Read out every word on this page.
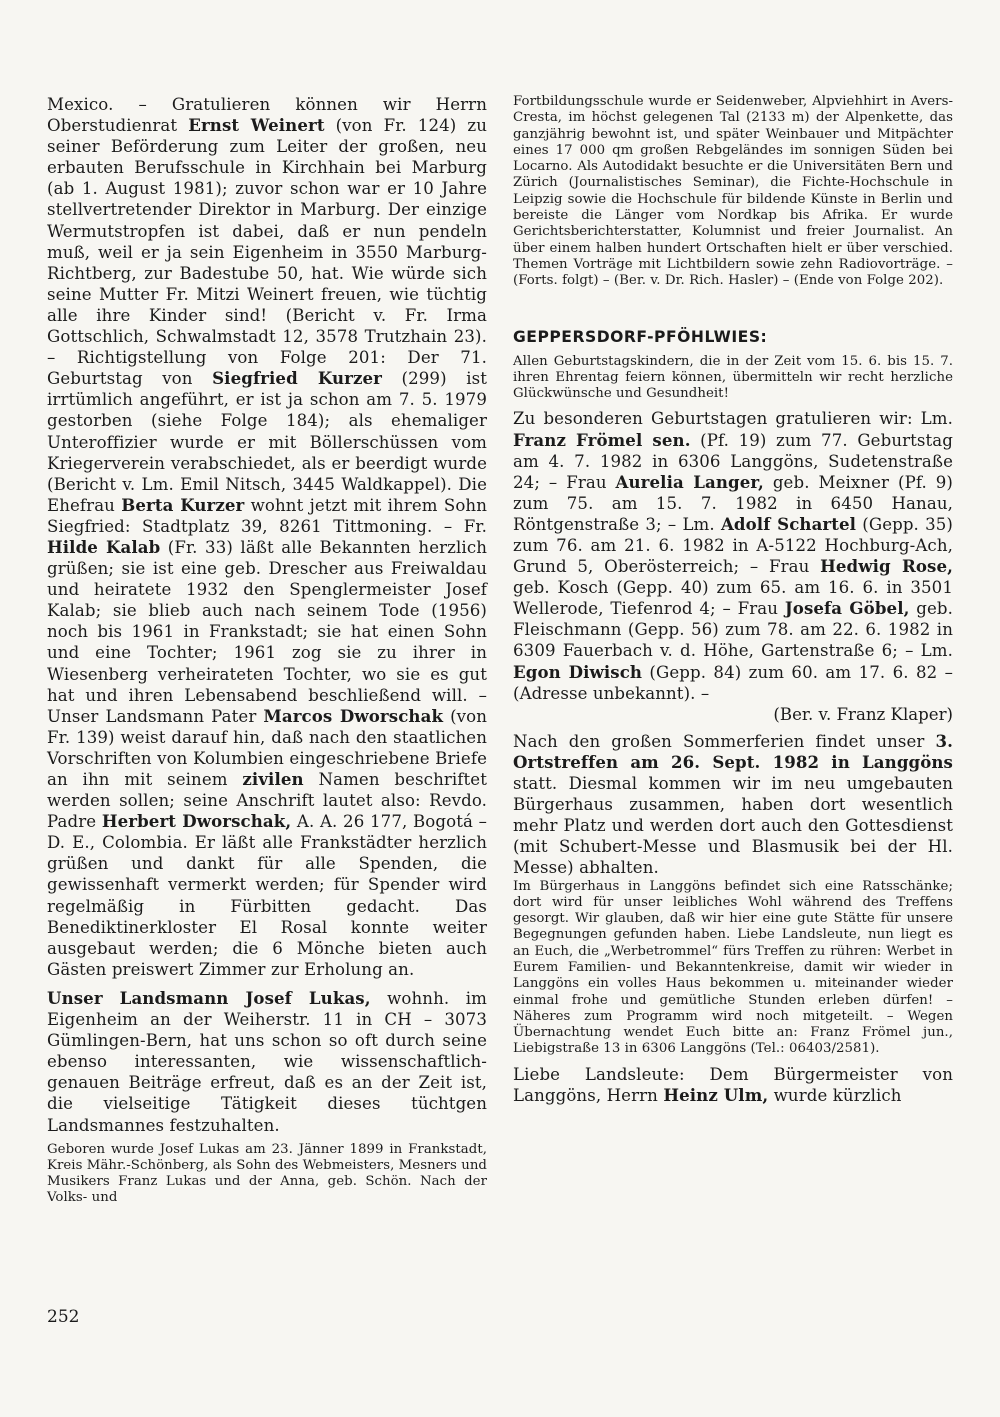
Mexico. – Gratulieren können wir Herrn Oberstudienrat Ernst Weinert (von Fr. 124) zu seiner Beförderung zum Leiter der großen, neu erbauten Berufsschule in Kirchhain bei Marburg (ab 1. August 1981); zuvor schon war er 10 Jahre stellvertretender Direktor in Marburg. Der einzige Wermutstropfen ist dabei, daß er nun pendeln muß, weil er ja sein Eigenheim in 3550 Marburg-Richtberg, zur Badestube 50, hat. Wie würde sich seine Mutter Fr. Mitzi Weinert freuen, wie tüchtig alle ihre Kinder sind! (Bericht v. Fr. Irma Gottschlich, Schwalmstadt 12, 3578 Trutzhain 23). – Richtigstellung von Folge 201: Der 71. Geburtstag von Siegfried Kurzer (299) ist irrtümlich angeführt, er ist ja schon am 7. 5. 1979 gestorben (siehe Folge 184); als ehemaliger Unteroffizier wurde er mit Böllerschüssen vom Kriegerverein verabschiedet, als er beerdigt wurde (Bericht v. Lm. Emil Nitsch, 3445 Waldkappel). Die Ehefrau Berta Kurzer wohnt jetzt mit ihrem Sohn Siegfried: Stadtplatz 39, 8261 Tittmoning. – Fr. Hilde Kalab (Fr. 33) läßt alle Bekannten herzlich grüßen; sie ist eine geb. Drescher aus Freiwaldau und heiratete 1932 den Spenglermeister Josef Kalab; sie blieb auch nach seinem Tode (1956) noch bis 1961 in Frankstadt; sie hat einen Sohn und eine Tochter; 1961 zog sie zu ihrer in Wiesenberg verheirateten Tochter, wo sie es gut hat und ihren Lebensabend beschließend will. – Unser Landsmann Pater Marcos Dworschak (von Fr. 139) weist darauf hin, daß nach den staatlichen Vorschriften von Kolumbien eingeschriebene Briefe an ihn mit seinem zivilen Namen beschriftet werden sollen; seine Anschrift lautet also: Revdo. Padre Herbert Dworschak, A. A. 26 177, Bogotá – D. E., Colombia. Er läßt alle Frankstädter herzlich grüßen und dankt für alle Spenden, die gewissenhaft vermerkt werden; für Spender wird regelmäßig in Fürbitten gedacht. Das Benediktinerkloster El Rosal konnte weiter ausgebaut werden; die 6 Mönche bieten auch Gästen preiswert Zimmer zur Erholung an.

Unser Landsmann Josef Lukas, wohnh. im Eigenheim an der Weiherstr. 11 in CH – 3073 Gümlingen-Bern, hat uns schon so oft durch seine ebenso interessanten, wie wissenschaftlich-genauen Beiträge erfreut, daß es an der Zeit ist, die vielseitige Tätigkeit dieses tüchtgen Landsmannes festzuhalten.

Geboren wurde Josef Lukas am 23. Jänner 1899 in Frankstadt, Kreis Mähr.-Schönberg, als Sohn des Webmeisters, Mesners und Musikers Franz Lukas und der Anna, geb. Schön. Nach der Volks- und

Fortbildungsschule wurde er Seidenweber, Alpviehhirt in Avers-Cresta, im höchst gelegenen Tal (2133 m) der Alpenkette, das ganzjährig bewohnt ist, und später Weinbauer und Mitpächter eines 17 000 qm großen Rebgeländes im sonnigen Süden bei Locarno. Als Autodidakt besuchte er die Universitäten Bern und Zürich (Journalistisches Seminar), die Fichte-Hochschule in Leipzig sowie die Hochschule für bildende Künste in Berlin und bereiste die Länger vom Nordkap bis Afrika. Er wurde Gerichtsberichterstatter, Kolumnist und freier Journalist. An über einem halben hundert Ortschaften hielt er über verschied. Themen Vorträge mit Lichtbildern sowie zehn Radiovorträge. – (Forts. folgt) – (Ber. v. Dr. Rich. Hasler) – (Ende von Folge 202).

GEPPERSDORF-PFÖHLWIES:

Allen Geburtstagskindern, die in der Zeit vom 15. 6. bis 15. 7. ihren Ehrentag feiern können, übermitteln wir recht herzliche Glückwünsche und Gesundheit!

Zu besonderen Geburtstagen gratulieren wir: Lm. Franz Frömel sen. (Pf. 19) zum 77. Geburtstag am 4. 7. 1982 in 6306 Langgöns, Sudetenstraße 24; – Frau Aurelia Langer, geb. Meixner (Pf. 9) zum 75. am 15. 7. 1982 in 6450 Hanau, Röntgenstraße 3; – Lm. Adolf Schartel (Gepp. 35) zum 76. am 21. 6. 1982 in A-5122 Hochburg-Ach, Grund 5, Oberösterreich; – Frau Hedwig Rose, geb. Kosch (Gepp. 40) zum 65. am 16. 6. in 3501 Wellerode, Tiefenrod 4; – Frau Josefa Göbel, geb. Fleischmann (Gepp. 56) zum 78. am 22. 6. 1982 in 6309 Fauerbach v. d. Höhe, Gartenstraße 6; – Lm. Egon Diwisch (Gepp. 84) zum 60. am 17. 6. 82 – (Adresse unbekannt). –

(Ber. v. Franz Klaper)

Nach den großen Sommerferien findet unser 3. Ortstreffen am 26. Sept. 1982 in Langgöns statt. Diesmal kommen wir im neu umgebauten Bürgerhaus zusammen, haben dort wesentlich mehr Platz und werden dort auch den Gottesdienst (mit Schubert-Messe und Blasmusik bei der Hl. Messe) abhalten.

Im Bürgerhaus in Langgöns befindet sich eine Ratsschänke; dort wird für unser leibliches Wohl während des Treffens gesorgt. Wir glauben, daß wir hier eine gute Stätte für unsere Begegnungen gefunden haben. Liebe Landsleute, nun liegt es an Euch, die „Werbetrommel“ fürs Treffen zu rühren: Werbet in Eurem Familien- und Bekanntenkreise, damit wir wieder in Langgöns ein volles Haus bekommen u. miteinander wieder einmal frohe und gemütliche Stunden erleben dürfen! – Näheres zum Programm wird noch mitgeteilt. – Wegen Übernachtung wendet Euch bitte an: Franz Frömel jun., Liebigstraße 13 in 6306 Langgöns (Tel.: 06403/2581).

Liebe Landsleute: Dem Bürgermeister von Langgöns, Herrn Heinz Ulm, wurde kürzlich

252
